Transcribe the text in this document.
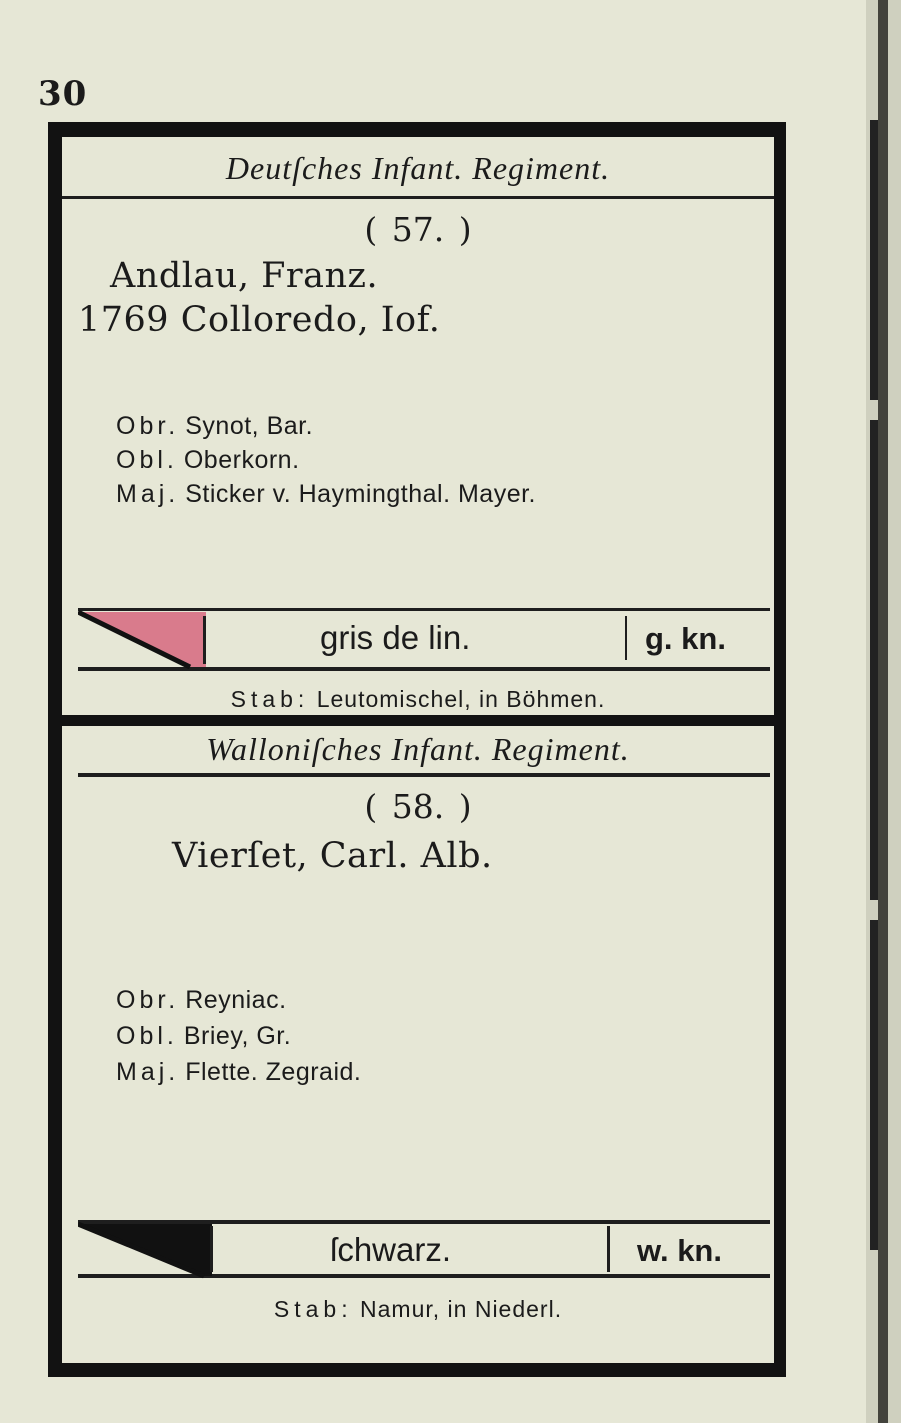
30
Deutſches Infant. Regiment.
( 57. )
Andlau, Franz.
1769 Colloredo, Iof.
Obr. Synot, Bar.
Obl. Oberkorn.
Maj. Sticker v. Haymingthal. Mayer.
gris de lin.	g. kn.
Stab: Leutomischel, in Böhmen.
Walloniſches Infant. Regiment.
( 58. )
Vierſet, Carl. Alb.
Obr. Reyniac.
Obl. Briey, Gr.
Maj. Flette. Zegraid.
ſchwarz.	w. kn.
Stab: Namur, in Niederl.
